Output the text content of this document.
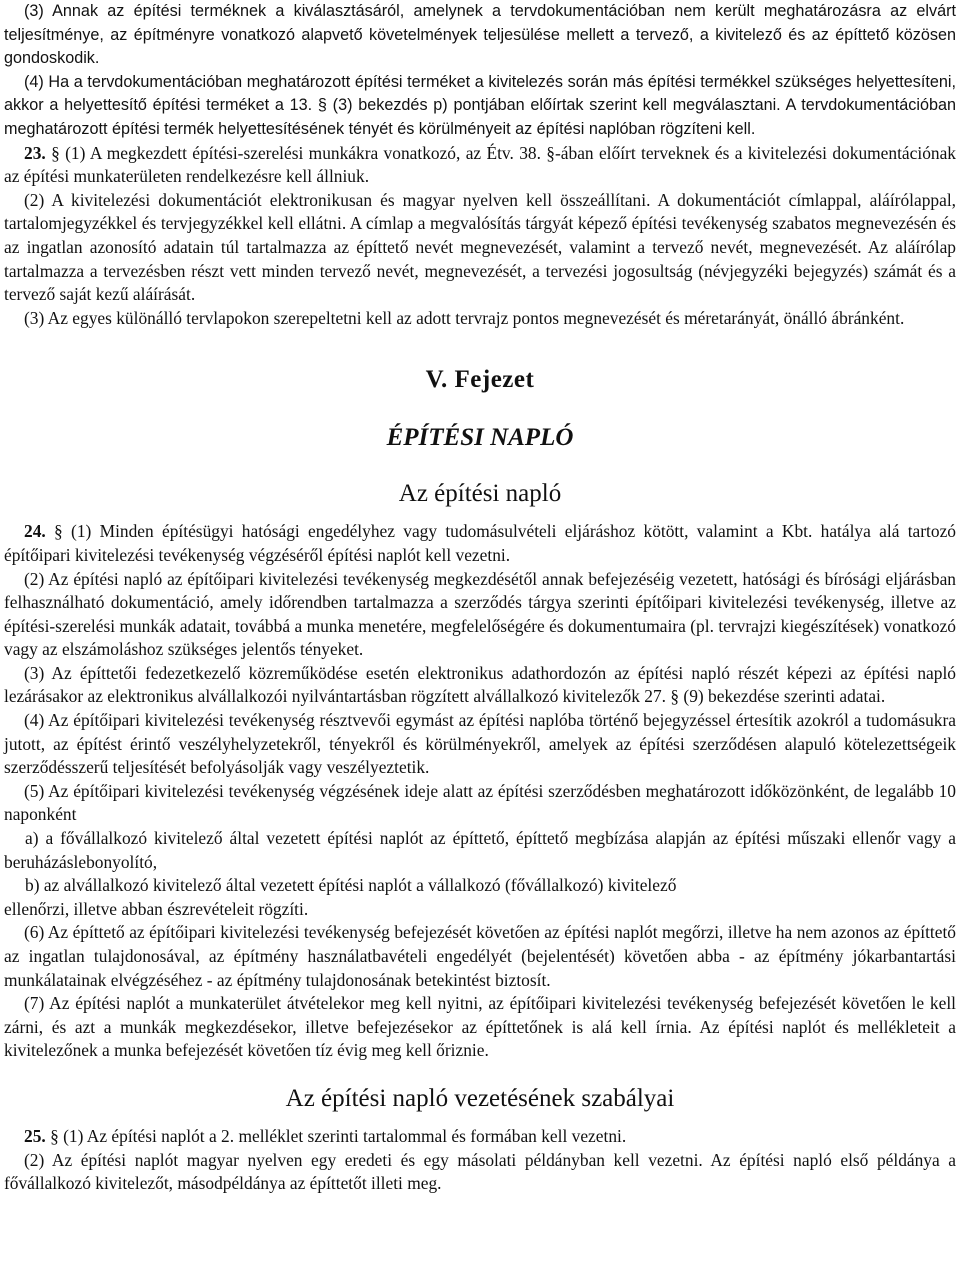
(3) Annak az építési terméknek a kiválasztásáról, amelynek a tervdokumentációban nem került meghatározásra az elvárt teljesítménye, az építményre vonatkozó alapvető követelmények teljesülése mellett a tervező, a kivitelező és az építtető közösen gondoskodik.

(4) Ha a tervdokumentációban meghatározott építési terméket a kivitelezés során más építési termékkel szükséges helyettesíteni, akkor a helyettesítő építési terméket a 13. § (3) bekezdés p) pontjában előírtak szerint kell megválasztani. A tervdokumentációban meghatározott építési termék helyettesítésének tényét és körülményeit az építési naplóban rögzíteni kell.

23. § (1) A megkezdett építési-szerelési munkákra vonatkozó, az Étv. 38. §-ában előírt terveknek és a kivitelezési dokumentációnak az építési munkaterületen rendelkezésre kell állniuk.

(2) A kivitelezési dokumentációt elektronikusan és magyar nyelven kell összeállítani. A dokumentációt címlappal, aláírólappal, tartalomjegyzékkel és tervjegyzékkel kell ellátni. A címlap a megvalósítás tárgyát képező építési tevékenység szabatos megnevezésén és az ingatlan azonosító adatain túl tartalmazza az építtető nevét megnevezését, valamint a tervező nevét, megnevezését. Az aláírólap tartalmazza a tervezésben részt vett minden tervező nevét, megnevezését, a tervezési jogosultság (névjegyzéki bejegyzés) számát és a tervező saját kezű aláírását.

(3) Az egyes különálló tervlapokon szerepeltetni kell az adott tervrajz pontos megnevezését és méretarányát, önálló ábránként.

V. Fejezet
ÉPÍTÉSI NAPLÓ
Az építési napló

24. § (1) Minden építésügyi hatósági engedélyhez vagy tudomásulvételi eljáráshoz kötött, valamint a Kbt. hatálya alá tartozó építőipari kivitelezési tevékenység végzéséről építési naplót kell vezetni.

(2) Az építési napló az építőipari kivitelezési tevékenység megkezdésétől annak befejezéséig vezetett, hatósági és bírósági eljárásban felhasználható dokumentáció, amely időrendben tartalmazza a szerződés tárgya szerinti építőipari kivitelezési tevékenység, illetve az építési-szerelési munkák adatait, továbbá a munka menetére, megfelelőségére és dokumentumaira (pl. tervrajzi kiegészítések) vonatkozó vagy az elszámoláshoz szükséges jelentős tényeket.

(3) Az építtetői fedezetkezelő közreműködése esetén elektronikus adathordozón az építési napló részét képezi az építési napló lezárásakor az elektronikus alvállalkozói nyilvántartásban rögzített alvállalkozó kivitelezők 27. § (9) bekezdése szerinti adatai.

(4) Az építőipari kivitelezési tevékenység résztvevői egymást az építési naplóba történő bejegyzéssel értesítik azokról a tudomásukra jutott, az építést érintő veszélyhelyzetekről, tényekről és körülményekről, amelyek az építési szerződésen alapuló kötelezettségeik szerződésszerű teljesítését befolyásolják vagy veszélyeztetik.

(5) Az építőipari kivitelezési tevékenység végzésének ideje alatt az építési szerződésben meghatározott időközönként, de legalább 10 naponként

a) a fővállalkozó kivitelező által vezetett építési naplót az építtető, építtető megbízása alapján az építési műszaki ellenőr vagy a beruházáslebonyolító,

b) az alvállalkozó kivitelező által vezetett építési naplót a vállalkozó (fővállalkozó) kivitelező

ellenőrzi, illetve abban észrevételeit rögzíti.

(6) Az építtető az építőipari kivitelezési tevékenység befejezését követően az építési naplót megőrzi, illetve ha nem azonos az építtető az ingatlan tulajdonosával, az építmény használatbavételi engedélyét (bejelentését) követően abba - az építmény jókarbantartási munkálatainak elvégzéséhez - az építmény tulajdonosának betekintést biztosít.

(7) Az építési naplót a munkaterület átvételekor meg kell nyitni, az építőipari kivitelezési tevékenység befejezését követően le kell zárni, és azt a munkák megkezdésekor, illetve befejezésekor az építtetőnek is alá kell írnia. Az építési naplót és mellékleteit a kivitelezőnek a munka befejezését követően tíz évig meg kell őriznie.

Az építési napló vezetésének szabályai

25. § (1) Az építési naplót a 2. melléklet szerinti tartalommal és formában kell vezetni.

(2) Az építési naplót magyar nyelven egy eredeti és egy másolati példányban kell vezetni. Az építési napló első példánya a fővállalkozó kivitelezőt, másodpéldánya az építtetőt illeti meg.
